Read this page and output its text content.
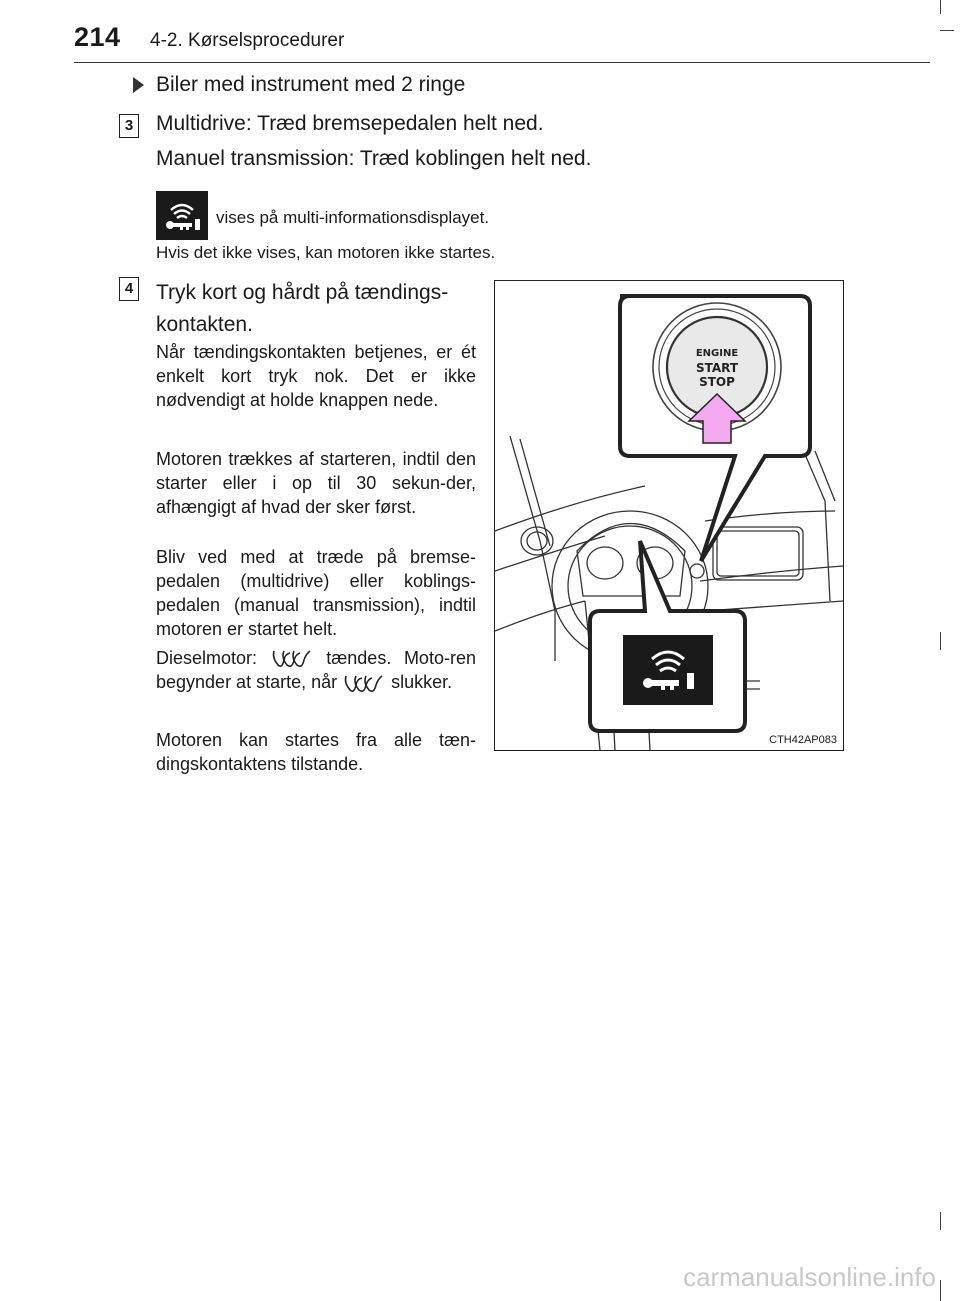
214 4-2. Kørselsprocedurer
Biler med instrument med 2 ringe
3 Multidrive: Træd bremsepedalen helt ned.
Manuel transmission: Træd koblingen helt ned.
vises på multi-informationsdisplayet.
Hvis det ikke vises, kan motoren ikke startes.
4 Tryk kort og hårdt på tændings-
kontakten.
Når tændingskontakten betjenes, er ét enkelt kort tryk nok. Det er ikke nødvendigt at holde knappen nede.
Motoren trækkes af starteren, indtil den starter eller i op til 30 sekun-der, afhængigt af hvad der sker først.
Bliv ved med at træde på bremse-pedalen (multidrive) eller koblings-pedalen (manual transmission), indtil motoren er startet helt.
Dieselmotor:	tændes. Moto-ren begynder at starte, når	slukker.
Motoren kan startes fra alle tæn-dingskontaktens tilstande.
ENGINE
START
STOP
CTH42AP083
carmanualsonline.info
